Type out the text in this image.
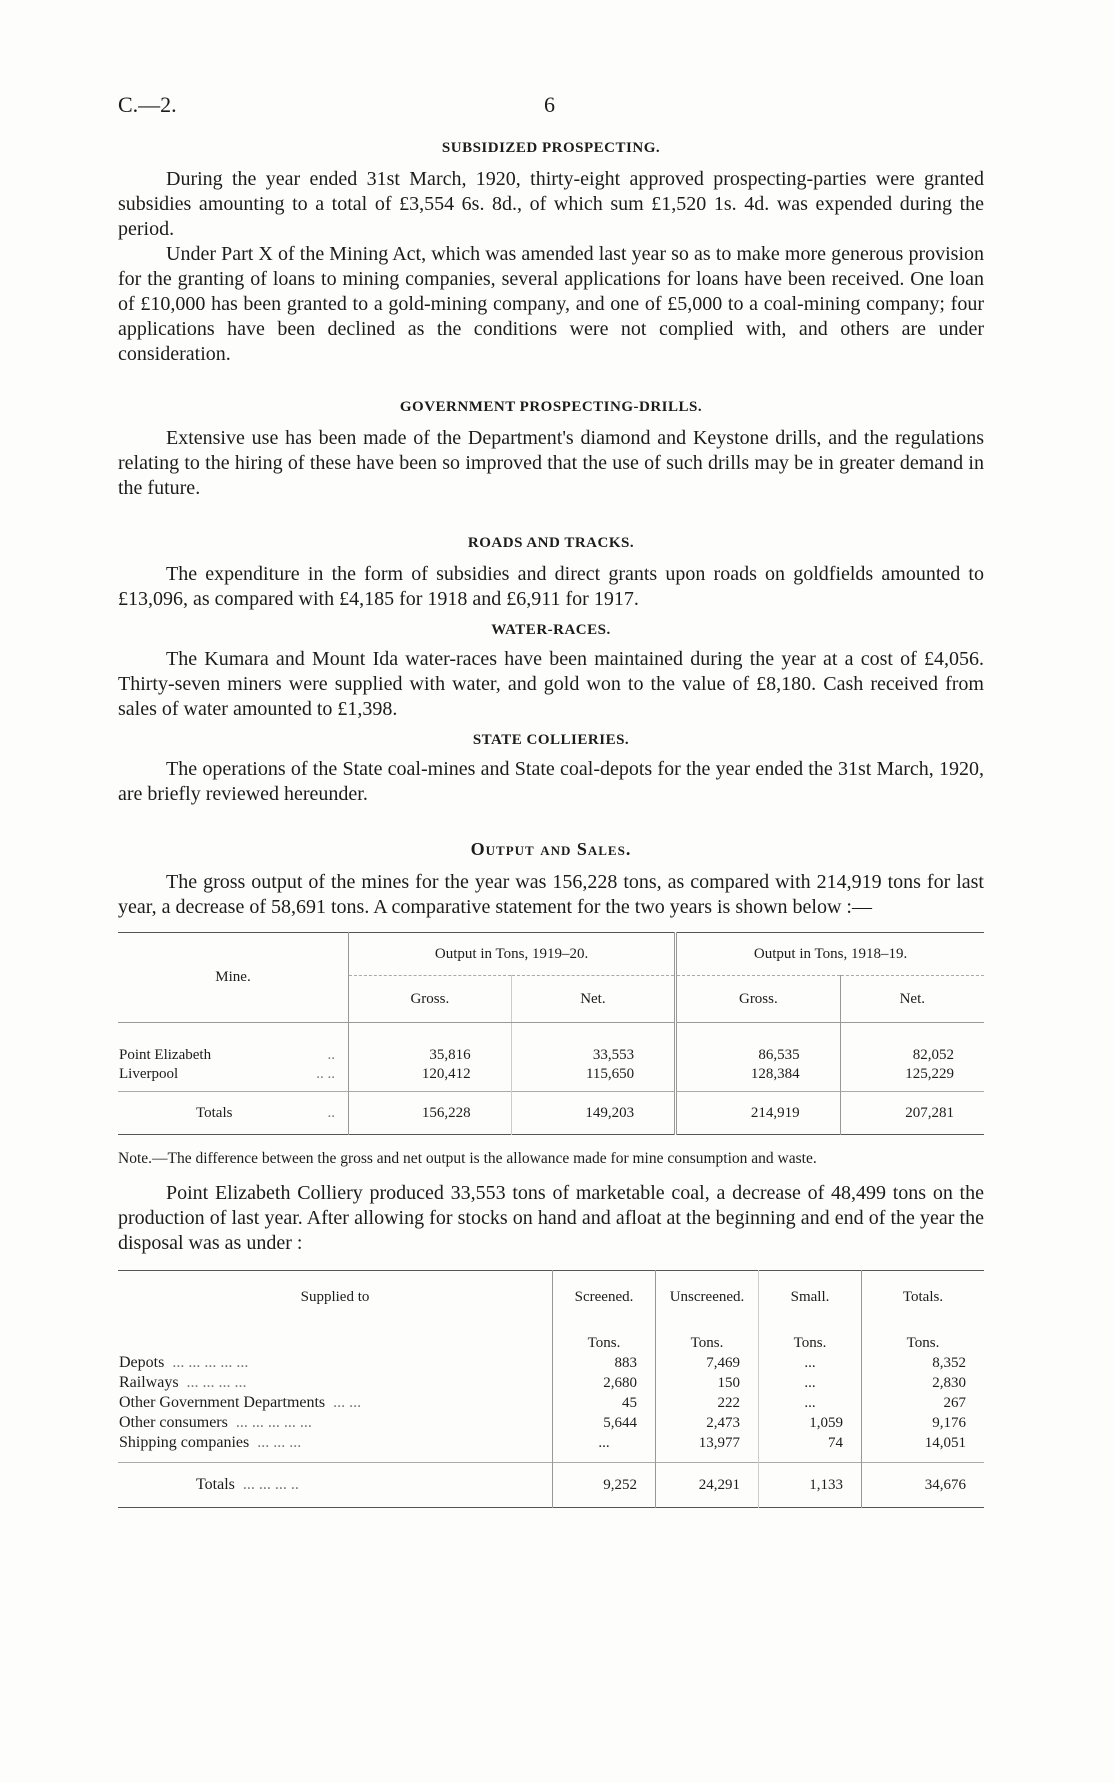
C.—2.	6
SUBSIDIZED PROSPECTING.

During the year ended 31st March, 1920, thirty-eight approved prospecting-parties were granted subsidies amounting to a total of £3,554 6s. 8d., of which sum £1,520 1s. 4d. was expended during the period.

Under Part X of the Mining Act, which was amended last year so as to make more generous provision for the granting of loans to mining companies, several applications for loans have been received. One loan of £10,000 has been granted to a gold-mining company, and one of £5,000 to a coal-mining company; four applications have been declined as the conditions were not complied with, and others are under consideration.

GOVERNMENT PROSPECTING-DRILLS.

Extensive use has been made of the Department's diamond and Keystone drills, and the regulations relating to the hiring of these have been so improved that the use of such drills may be in greater demand in the future.

ROADS AND TRACKS.

The expenditure in the form of subsidies and direct grants upon roads on goldfields amounted to £13,096, as compared with £4,185 for 1918 and £6,911 for 1917.

WATER-RACES.

The Kumara and Mount Ida water-races have been maintained during the year at a cost of £4,056. Thirty-seven miners were supplied with water, and gold won to the value of £8,180. Cash received from sales of water amounted to £1,398.

STATE COLLIERIES.

The operations of the State coal-mines and State coal-depots for the year ended the 31st March, 1920, are briefly reviewed hereunder.

Output and Sales.

The gross output of the mines for the year was 156,228 tons, as compared with 214,919 tons for last year, a decrease of 58,691 tons. A comparative statement for the two years is shown below :—

Mine.	Output in Tons, 1919–20.		Output in Tons, 1918–19.	
	Gross.	Net.	Gross.	Net.
Point Elizabeth ..	35,816	33,553	86,535	82,052
Liverpool .. ..	120,412	115,650	128,384	125,229
Totals ..	156,228	149,203	214,919	207,281

Note.—The difference between the gross and net output is the allowance made for mine consumption and waste.

Point Elizabeth Colliery produced 33,553 tons of marketable coal, a decrease of 48,499 tons on the production of last year. After allowing for stocks on hand and afloat at the beginning and end of the year the disposal was as under :

Supplied to	Screened.	Unscreened.	Small.	Totals.
	Tons.	Tons.	Tons.	Tons.
Depots ... ... ... ... ...	883	7,469	...	8,352
Railways ... ... ... ...	2,680	150	...	2,830
Other Government Departments ... ...	45	222	...	267
Other consumers ... ... ... ... ...	5,644	2,473	1,059	9,176
Shipping companies ... ... ...	...	13,977	74	14,051
Totals ... ... ... ..	9,252	24,291	1,133	34,676
